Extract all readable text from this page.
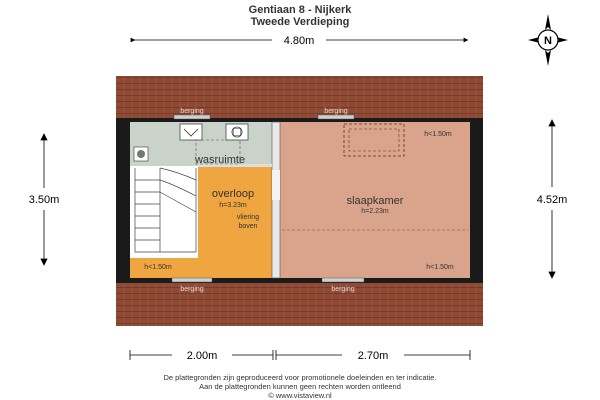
Gentiaan 8 - Nijkerk
Tweede Verdieping
berging	berging
berging	berging
wasruimte
overloop
h=3.23m
vliering
boven
h<1.50m
slaapkamer
h=2.23m
h<1.50m
h<1.50m
4.80m
3.50m	4.52m
2.00m	2.70m
N
De plattegronden zijn geproduceerd voor promotionele doeleinden en ter indicatie.
Aan de plattegronden kunnen geen rechten worden ontleend
© www.vistaview.nl
